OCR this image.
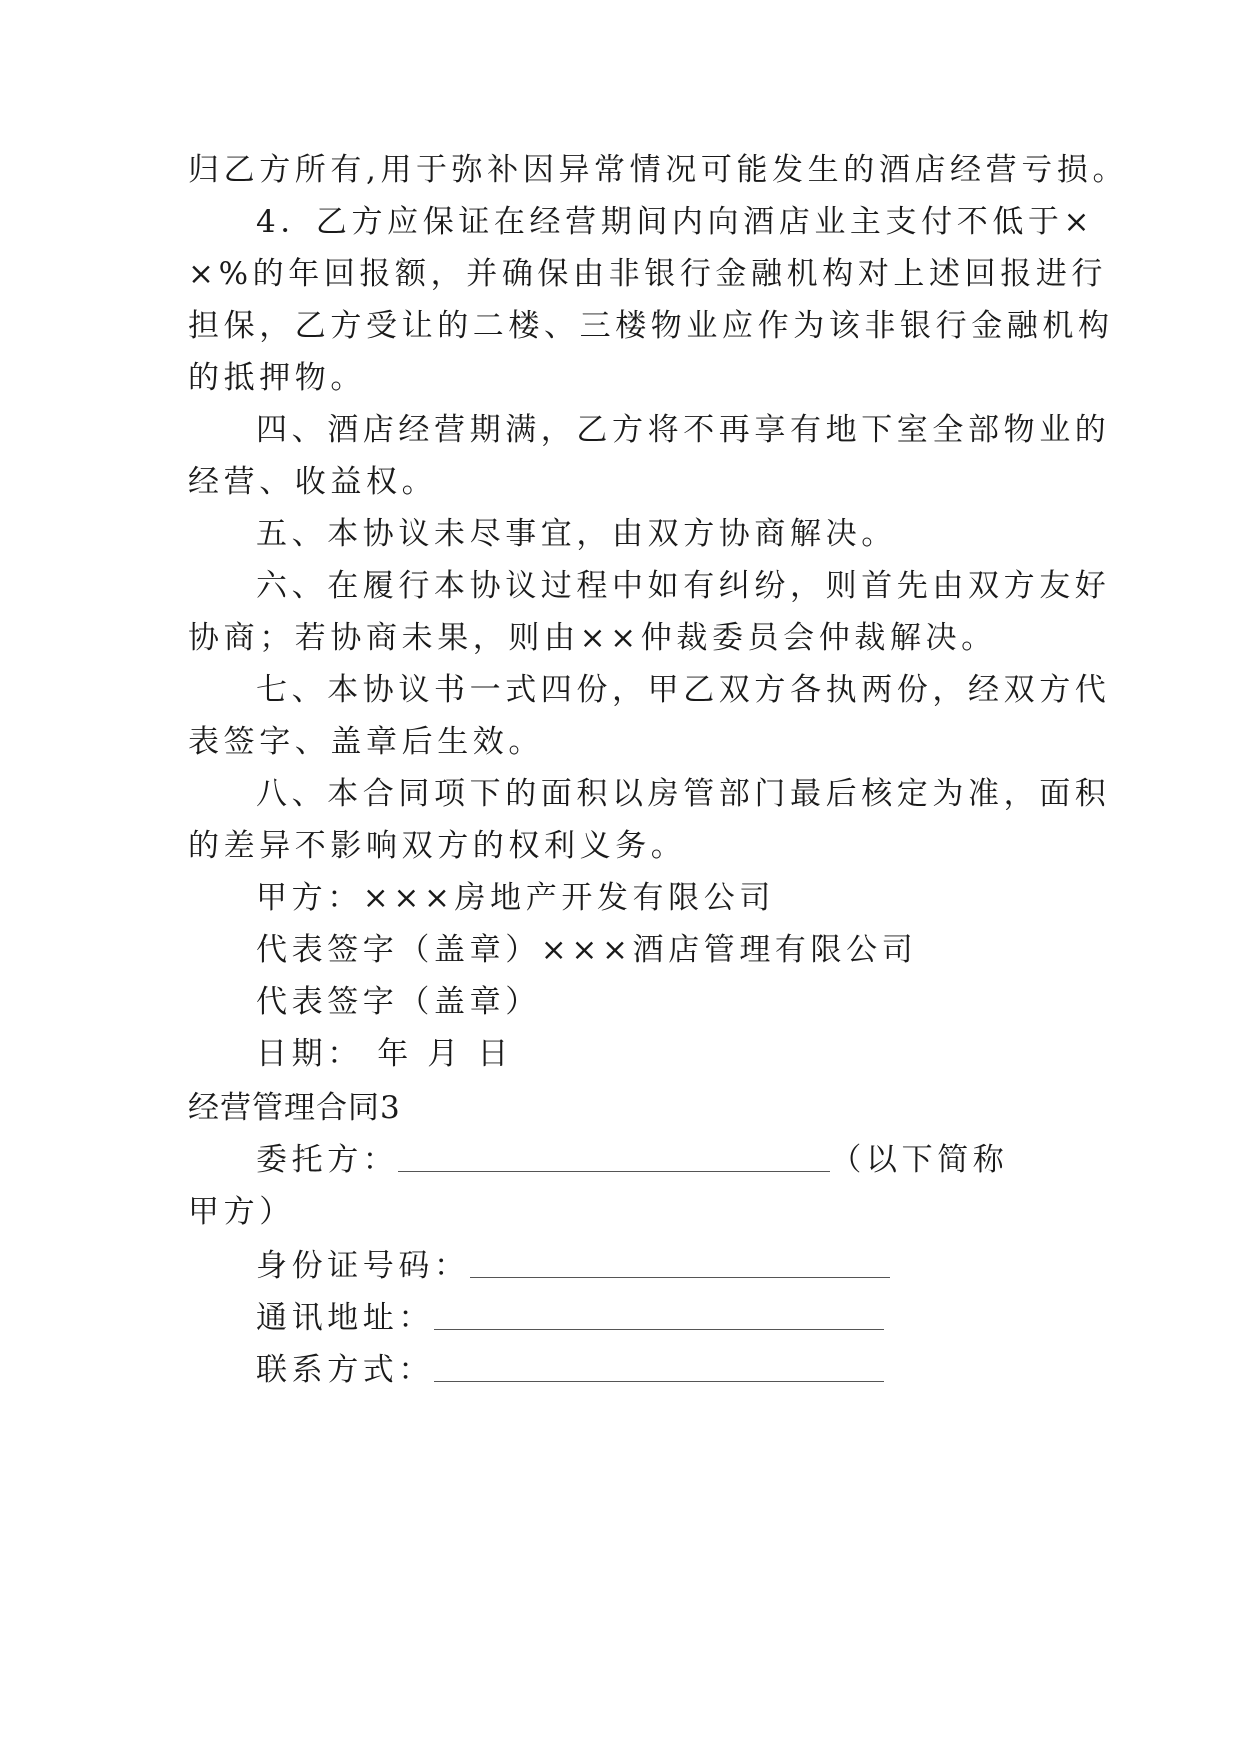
归乙方所有,用于弥补因异常情况可能发生的酒店经营亏损。
4．乙方应保证在经营期间内向酒店业主支付不低于×
×%的年回报额，并确保由非银行金融机构对上述回报进行
担保，乙方受让的二楼、三楼物业应作为该非银行金融机构
的抵押物。
四、酒店经营期满，乙方将不再享有地下室全部物业的
经营、收益权。
五、本协议未尽事宜，由双方协商解决。
六、在履行本协议过程中如有纠纷，则首先由双方友好
协商；若协商未果，则由××仲裁委员会仲裁解决。
七、本协议书一式四份，甲乙双方各执两份，经双方代
表签字、盖章后生效。
八、本合同项下的面积以房管部门最后核定为准，面积
的差异不影响双方的权利义务。
甲方：×××房地产开发有限公司
代表签字（盖章）×××酒店管理有限公司
代表签字（盖章）
日期： 年 月 日
经营管理合同3
委托方：	（以下简称
甲方）
身份证号码：
通讯地址：
联系方式：
